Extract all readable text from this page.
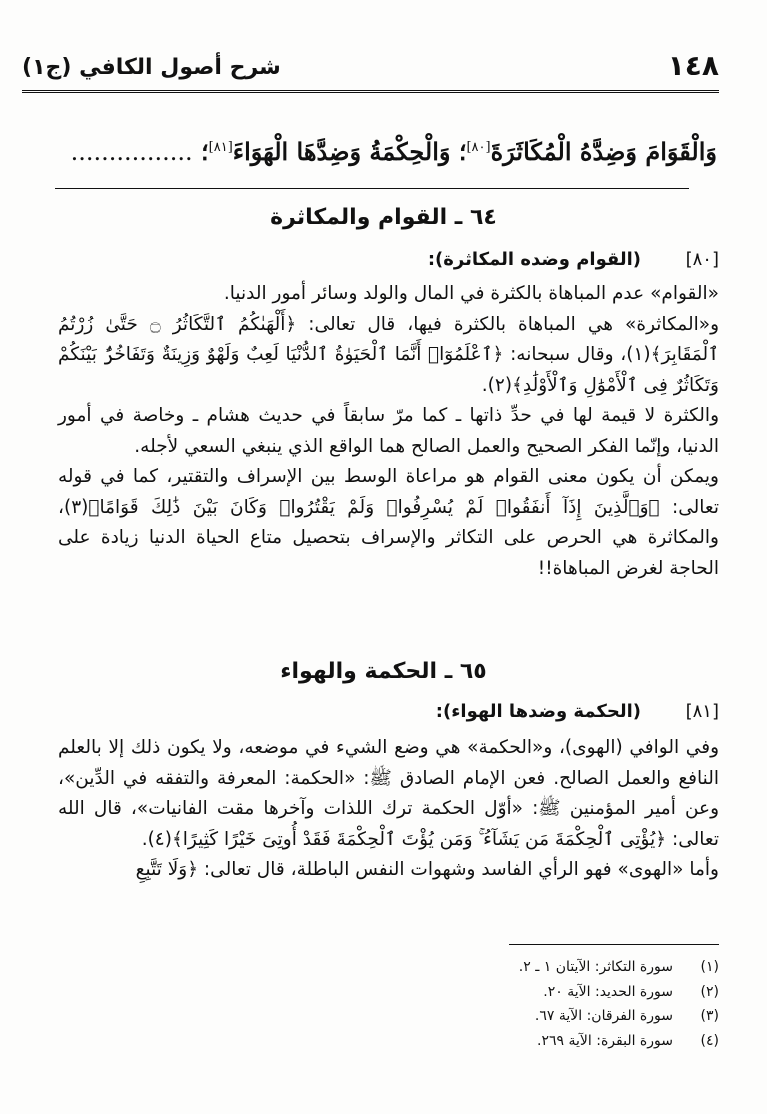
١٤٨
شرح أصول الكافي (ج١)
وَالْقَوَامَ وَضِدَّهُ الْمُكَاثَرَةَ[٨٠]؛ وَالْحِكْمَةُ وَضِدَّهَا الْهَوَاءَ[٨١]؛ ................
٦٤ ـ القوام والمكاثرة
[٨٠]
(القوام وضده المكاثرة):

«القوام» عدم المباهاة بالكثرة في المال والولد وسائر أمور الدنيا.

و«المكاثرة» هي المباهاة بالكثرة فيها، قال تعالى: ﴿أَلْهَىٰكُمُ ٱلتَّكَاثُرُ ۝ حَتَّىٰ زُرْتُمُ ٱلْمَقَابِرَ﴾(١)، وقال سبحانه: ﴿ٱعْلَمُوٓا۟ أَنَّمَا ٱلْحَيَوٰةُ ٱلدُّنْيَا لَعِبٌ وَلَهْوٌ وَزِينَةٌ وَتَفَاخُرٌۢ بَيْنَكُمْ وَتَكَاثُرٌ فِى ٱلْأَمْوَٰلِ وَٱلْأَوْلَٰدِ﴾(٢).

والكثرة لا قيمة لها في حدِّ ذاتها ـ كما مرّ سابقاً في حديث هشام ـ وخاصة في أمور الدنيا، وإنّما الفكر الصحيح والعمل الصالح هما الواقع الذي ينبغي السعي لأجله.

ويمكن أن يكون معنى القوام هو مراعاة الوسط بين الإسراف والتقتير، كما في قوله تعالى: ﴿وَٱلَّذِينَ إِذَآ أَنفَقُوا۟ لَمْ يُسْرِفُوا۟ وَلَمْ يَقْتُرُوا۟ وَكَانَ بَيْنَ ذَٰلِكَ قَوَامًا﴾(٣)، والمكاثرة هي الحرص على التكاثر والإسراف بتحصيل متاع الحياة الدنيا زيادة على الحاجة لغرض المباهاة!!

٦٥ ـ الحكمة والهواء
[٨١]
(الحكمة وضدها الهواء):

وفي الوافي (الهوى)، و«الحكمة» هي وضع الشيء في موضعه، ولا يكون ذلك إلا بالعلم النافع والعمل الصالح. فعن الإمام الصادق ﷺ: «الحكمة: المعرفة والتفقه في الدِّين»، وعن أمير المؤمنين ﷺ: «أوّل الحكمة ترك اللذات وآخرها مقت الفانيات»، قال الله تعالى: ﴿يُؤْتِى ٱلْحِكْمَةَ مَن يَشَآءُ ۚ وَمَن يُؤْتَ ٱلْحِكْمَةَ فَقَدْ أُوتِىَ خَيْرًا كَثِيرًا﴾(٤).

وأما «الهوى» فهو الرأي الفاسد وشهوات النفس الباطلة، قال تعالى: ﴿وَلَا تَتَّبِعِ

(١)
سورة التكاثر: الآيتان ١ ـ ٢.
(٢)
سورة الحديد: الآية ٢٠.
(٣)
سورة الفرقان: الآية ٦٧.
(٤)
سورة البقرة: الآية ٢٦٩.
